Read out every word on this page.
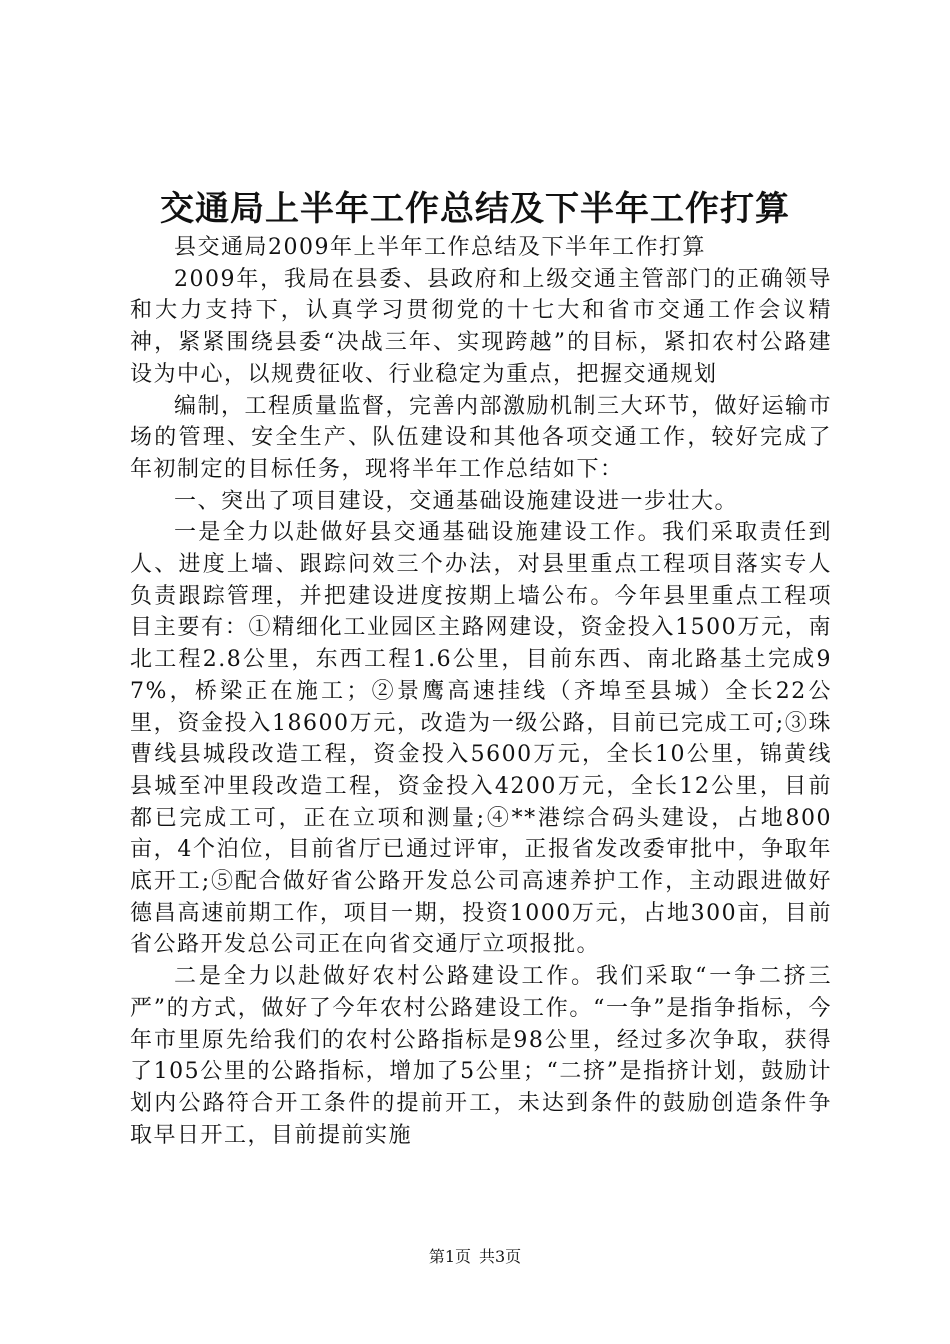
交通局上半年工作总结及下半年工作打算

县交通局2009年上半年工作总结及下半年工作打算

2009年，我局在县委、县政府和上级交通主管部门的正确领导和大力支持下，认真学习贯彻党的十七大和省市交通工作会议精神，紧紧围绕县委“决战三年、实现跨越”的目标，紧扣农村公路建设为中心，以规费征收、行业稳定为重点，把握交通规划

编制，工程质量监督，完善内部激励机制三大环节，做好运输市场的管理、安全生产、队伍建设和其他各项交通工作，较好完成了年初制定的目标任务，现将半年工作总结如下：

一、突出了项目建设，交通基础设施建设进一步壮大。

一是全力以赴做好县交通基础设施建设工作。我们采取责任到人、进度上墙、跟踪问效三个办法，对县里重点工程项目落实专人负责跟踪管理，并把建设进度按期上墙公布。今年县里重点工程项目主要有：①精细化工业园区主路网建设，资金投入1500万元，南北工程2.8公里，东西工程1.6公里，目前东西、南北路基土完成97%，桥梁正在施工；②景鹰高速挂线（齐埠至县城）全长22公里，资金投入18600万元，改造为一级公路，目前已完成工可;③珠曹线县城段改造工程，资金投入5600万元，全长10公里，锦黄线县城至冲里段改造工程，资金投入4200万元，全长12公里，目前都已完成工可，正在立项和测量;④**港综合码头建设，占地800亩，4个泊位，目前省厅已通过评审，正报省发改委审批中，争取年底开工;⑤配合做好省公路开发总公司高速养护工作，主动跟进做好德昌高速前期工作，项目一期，投资1000万元，占地300亩，目前省公路开发总公司正在向省交通厅立项报批。

二是全力以赴做好农村公路建设工作。我们采取“一争二挤三严”的方式，做好了今年农村公路建设工作。“一争”是指争指标，今年市里原先给我们的农村公路指标是98公里，经过多次争取，获得了105公里的公路指标，增加了5公里；“二挤”是指挤计划，鼓励计划内公路符合开工条件的提前开工，未达到条件的鼓励创造条件争取早日开工，目前提前实施

第1页 共3页
